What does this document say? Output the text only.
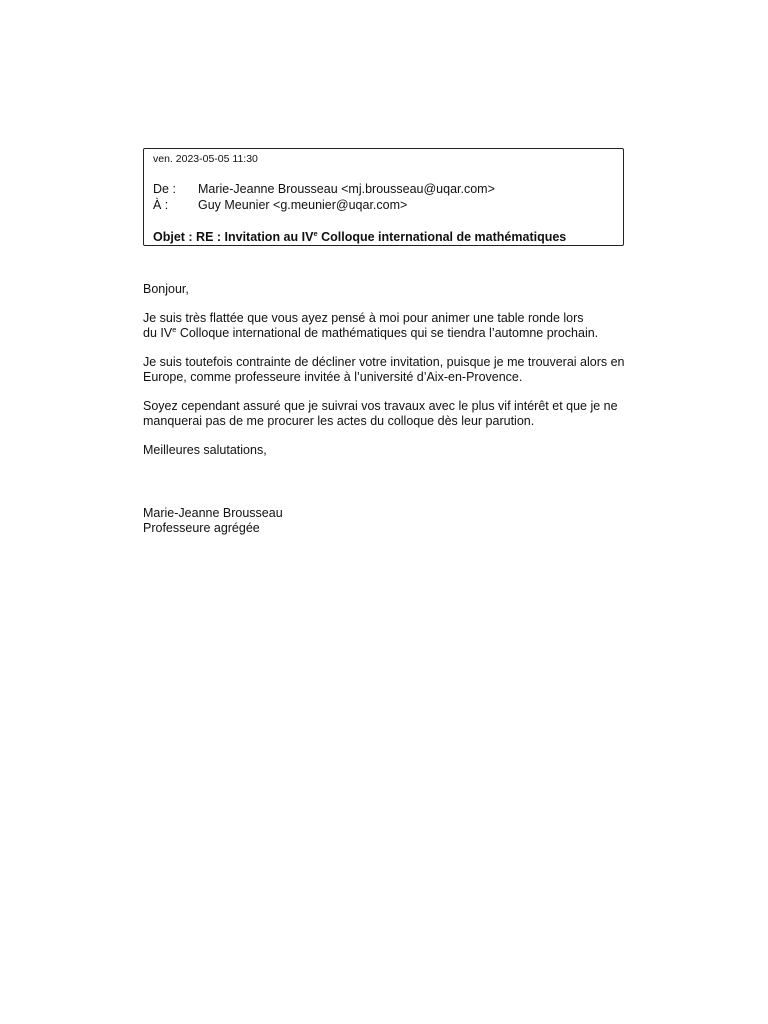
ven. 2023-05-05 11:30
De : Marie-Jeanne Brousseau <mj.brousseau@uqar.com>
À : Guy Meunier <g.meunier@uqar.com>
Objet : RE : Invitation au IVe Colloque international de mathématiques

Bonjour,

Je suis très flattée que vous ayez pensé à moi pour animer une table ronde lors
du IVe Colloque international de mathématiques qui se tiendra l’automne prochain.

Je suis toutefois contrainte de décliner votre invitation, puisque je me trouverai alors en
Europe, comme professeure invitée à l’université d’Aix-en-Provence.

Soyez cependant assuré que je suivrai vos travaux avec le plus vif intérêt et que je ne
manquerai pas de me procurer les actes du colloque dès leur parution.

Meilleures salutations,

Marie-Jeanne Brousseau
Professeure agrégée
